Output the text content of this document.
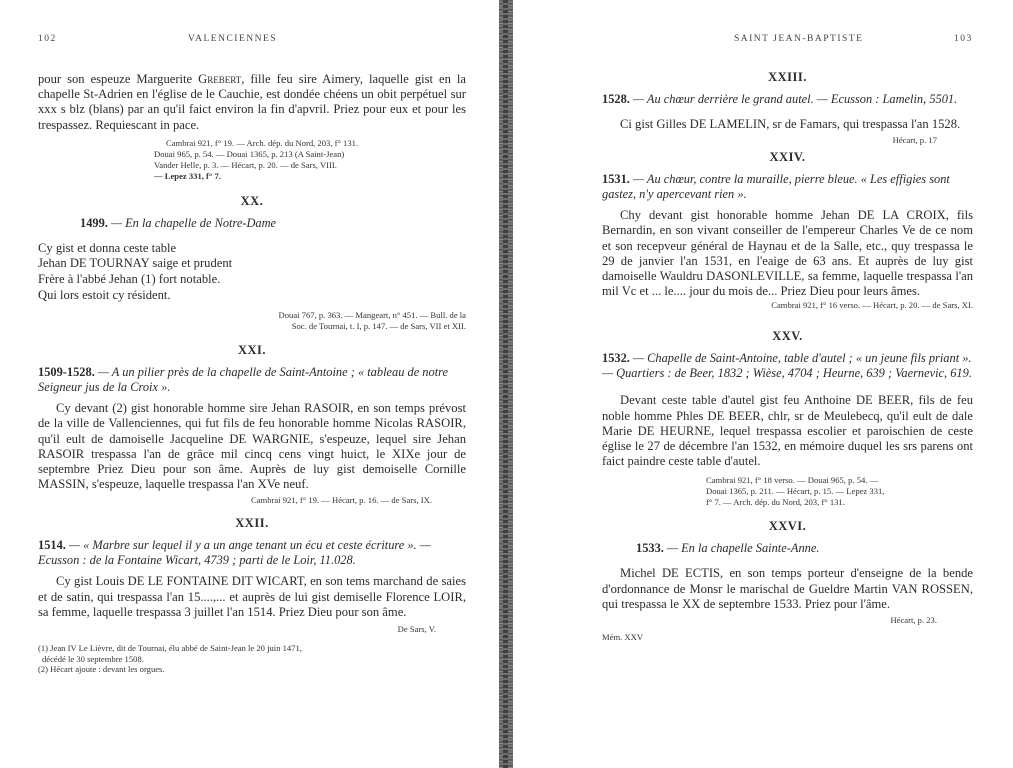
102	VALENCIENNES

pour son espeuze Marguerite Grebert, fille feu sire Aimery, laquelle gist en la chapelle St-Adrien en l'église de le Cauchie, est dondée chéens un obit perpétuel sur xxx s blz (blans) par an qu'il faict environ la fin d'apvril. Priez pour eux et pour les trespassez. Requiescant in pace.

Cambrai 921, f° 19. — Arch. dép. du Nord, 203, f° 131.

Douai 965, p. 54. — Douai 1365, p. 213 (A Saint-Jean)

Vander Helle, p. 3. — Hécart, p. 20. — de Sars, VIII.

— Lepez 331, f° 7.

XX.

1499. — En la chapelle de Notre-Dame

Cy gist et donna ceste table

Jehan DE TOURNAY saige et prudent

Frère à l'abbé Jehan (1) fort notable.

Qui lors estoit cy résident.

Douai 767, p. 363. — Mangeart, n° 451. — Bull. de la

Soc. de Tournai, t. I, p. 147. — de Sars, VII et XII.

XXI.

1509-1528. — A un pilier près de la chapelle de Saint-Antoine ; « tableau de notre Seigneur jus de la Croix ».

Cy devant (2) gist honorable homme sire Jehan RASOIR, en son temps prévost de la ville de Vallenciennes, qui fut fils de feu honorable homme Nicolas RASOIR, qu'il eult de damoiselle Jacqueline DE WARGNIE, s'espeuze, lequel sire Jehan RASOIR trespassa l'an de grâce mil cincq cens vingt huict, le XIXe jour de septembre Priez Dieu pour son âme. Auprès de luy gist demoiselle Cornille MASSIN, s'espeuze, laquelle trespassa l'an XVe neuf.

Cambrai 921, f° 19. — Hécart, p. 16. — de Sars, IX.

XXII.

1514. — « Marbre sur lequel il y a un ange tenant un écu et ceste écriture ». — Ecusson : de la Fontaine Wicart, 4739 ; parti de le Loir, 11.028.

Cy gist Louis DE LE FONTAINE DIT WICART, en son tems marchand de saies et de satin, qui trespassa l'an 15....,... et auprès de lui gist demiselle Florence LOIR, sa femme, laquelle trespassa 3 juillet l'an 1514. Priez Dieu pour son âme.

De Sars, V.

(1) Jean IV Le Lièvre, dit de Tournai, élu abbé de Saint-Jean le 20 juin 1471,

décédé le 30 septembre 1508.

(2) Hécart ajoute : devant les orgues.

SAINT JEAN-BAPTISTE	103
XXIII.

1528. — Au chœur derrière le grand autel. — Ecusson : Lamelin, 5501.

Ci gist Gilles DE LAMELIN, sr de Famars, qui trespassa l'an 1528.

Hécart, p. 17

XXIV.

1531. — Au chœur, contre la muraille, pierre bleue. « Les effigies sont gastez, n'y apercevant rien ».

Chy devant gist honorable homme Jehan DE LA CROIX, fils Bernardin, en son vivant conseiller de l'empereur Charles Ve de ce nom et son recepveur général de Haynau et de la Salle, etc., quy trespassa le 29 de janvier l'an 1531, en l'eaige de 63 ans. Et auprès de luy gist damoiselle Wauldru DASONLEVILLE, sa femme, laquelle trespassa l'an mil Vc et ... le.... jour du mois de... Priez Dieu pour leurs âmes.

Cambrai 921, f° 16 verso. — Hécart, p. 20. — de Sars, XI.

XXV.

1532. — Chapelle de Saint-Antoine, table d'autel ; « un jeune fils priant ». — Quartiers : de Beer, 1832 ; Wièse, 4704 ; Heurne, 639 ; Vaernevic, 619.

Devant ceste table d'autel gist feu Anthoine DE BEER, fils de feu noble homme Phles DE BEER, chlr, sr de Meulebecq, qu'il eult de dale Marie DE HEURNE, lequel trespassa escolier et paroischien de ceste église le 27 de décembre l'an 1532, en mémoire duquel les srs parens ont faict paindre ceste table d'autel.

Cambrai 921, f° 18 verso. — Douai 965, p. 54. —

Douai 1365, p. 211. — Hécart, p. 15. — Lepez 331,

f° 7. — Arch. dép. du Nord, 203, f° 131.

XXVI.

1533. — En la chapelle Sainte-Anne.

Michel DE ECTIS, en son temps porteur d'enseigne de la bende d'ordonnance de Monsr le marischal de Gueldre Martin VAN ROSSEN, qui trespassa le XX de septembre 1533. Priez pour l'âme.

Hécart, p. 23.

Mém. XXV
